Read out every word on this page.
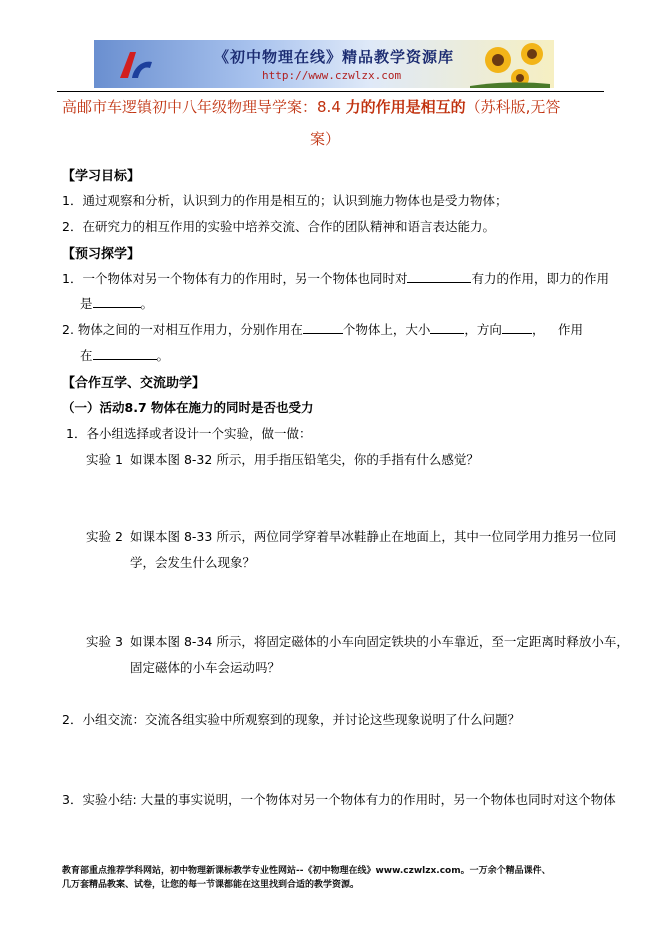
《初中物理在线》精品教学资源库
http://www.czwlzx.com
高邮市车逻镇初中八年级物理导学案：8.4 力的作用是相互的（苏科版,无答
案）
【学习目标】
1．通过观察和分析，认识到力的作用是相互的；认识到施力物体也是受力物体；
2．在研究力的相互作用的实验中培养交流、合作的团队精神和语言表达能力。
【预习探学】
1．一个物体对另一个物体有力的作用时，另一个物体也同时对	有力的作用，即力的作用
是	。
2. 物体之间的一对相互作用力，分别作用在	个物体上，大小	，方向 ， 作用
在	。
【合作互学、交流助学】
（一）活动8.7 物体在施力的同时是否也受力
1．各小组选择或者设计一个实验，做一做：
实验 1 如课本图 8-32 所示，用手指压铅笔尖，你的手指有什么感觉？
实验 2 如课本图 8-33 所示，两位同学穿着旱冰鞋静止在地面上，其中一位同学用力推另一位同
学，会发生什么现象？
实验 3 如课本图 8-34 所示，将固定磁体的小车向固定铁块的小车靠近，至一定距离时释放小车，
固定磁体的小车会运动吗？
2．小组交流：交流各组实验中所观察到的现象，并讨论这些现象说明了什么问题？
3．实验小结: 大量的事实说明，一个物体对另一个物体有力的作用时，另一个物体也同时对这个物体
教育部重点推荐学科网站，初中物理新课标教学专业性网站--《初中物理在线》www.czwlzx.com。一万余个精品课件、
几万套精品教案、试卷，让您的每一节课都能在这里找到合适的教学资源。
